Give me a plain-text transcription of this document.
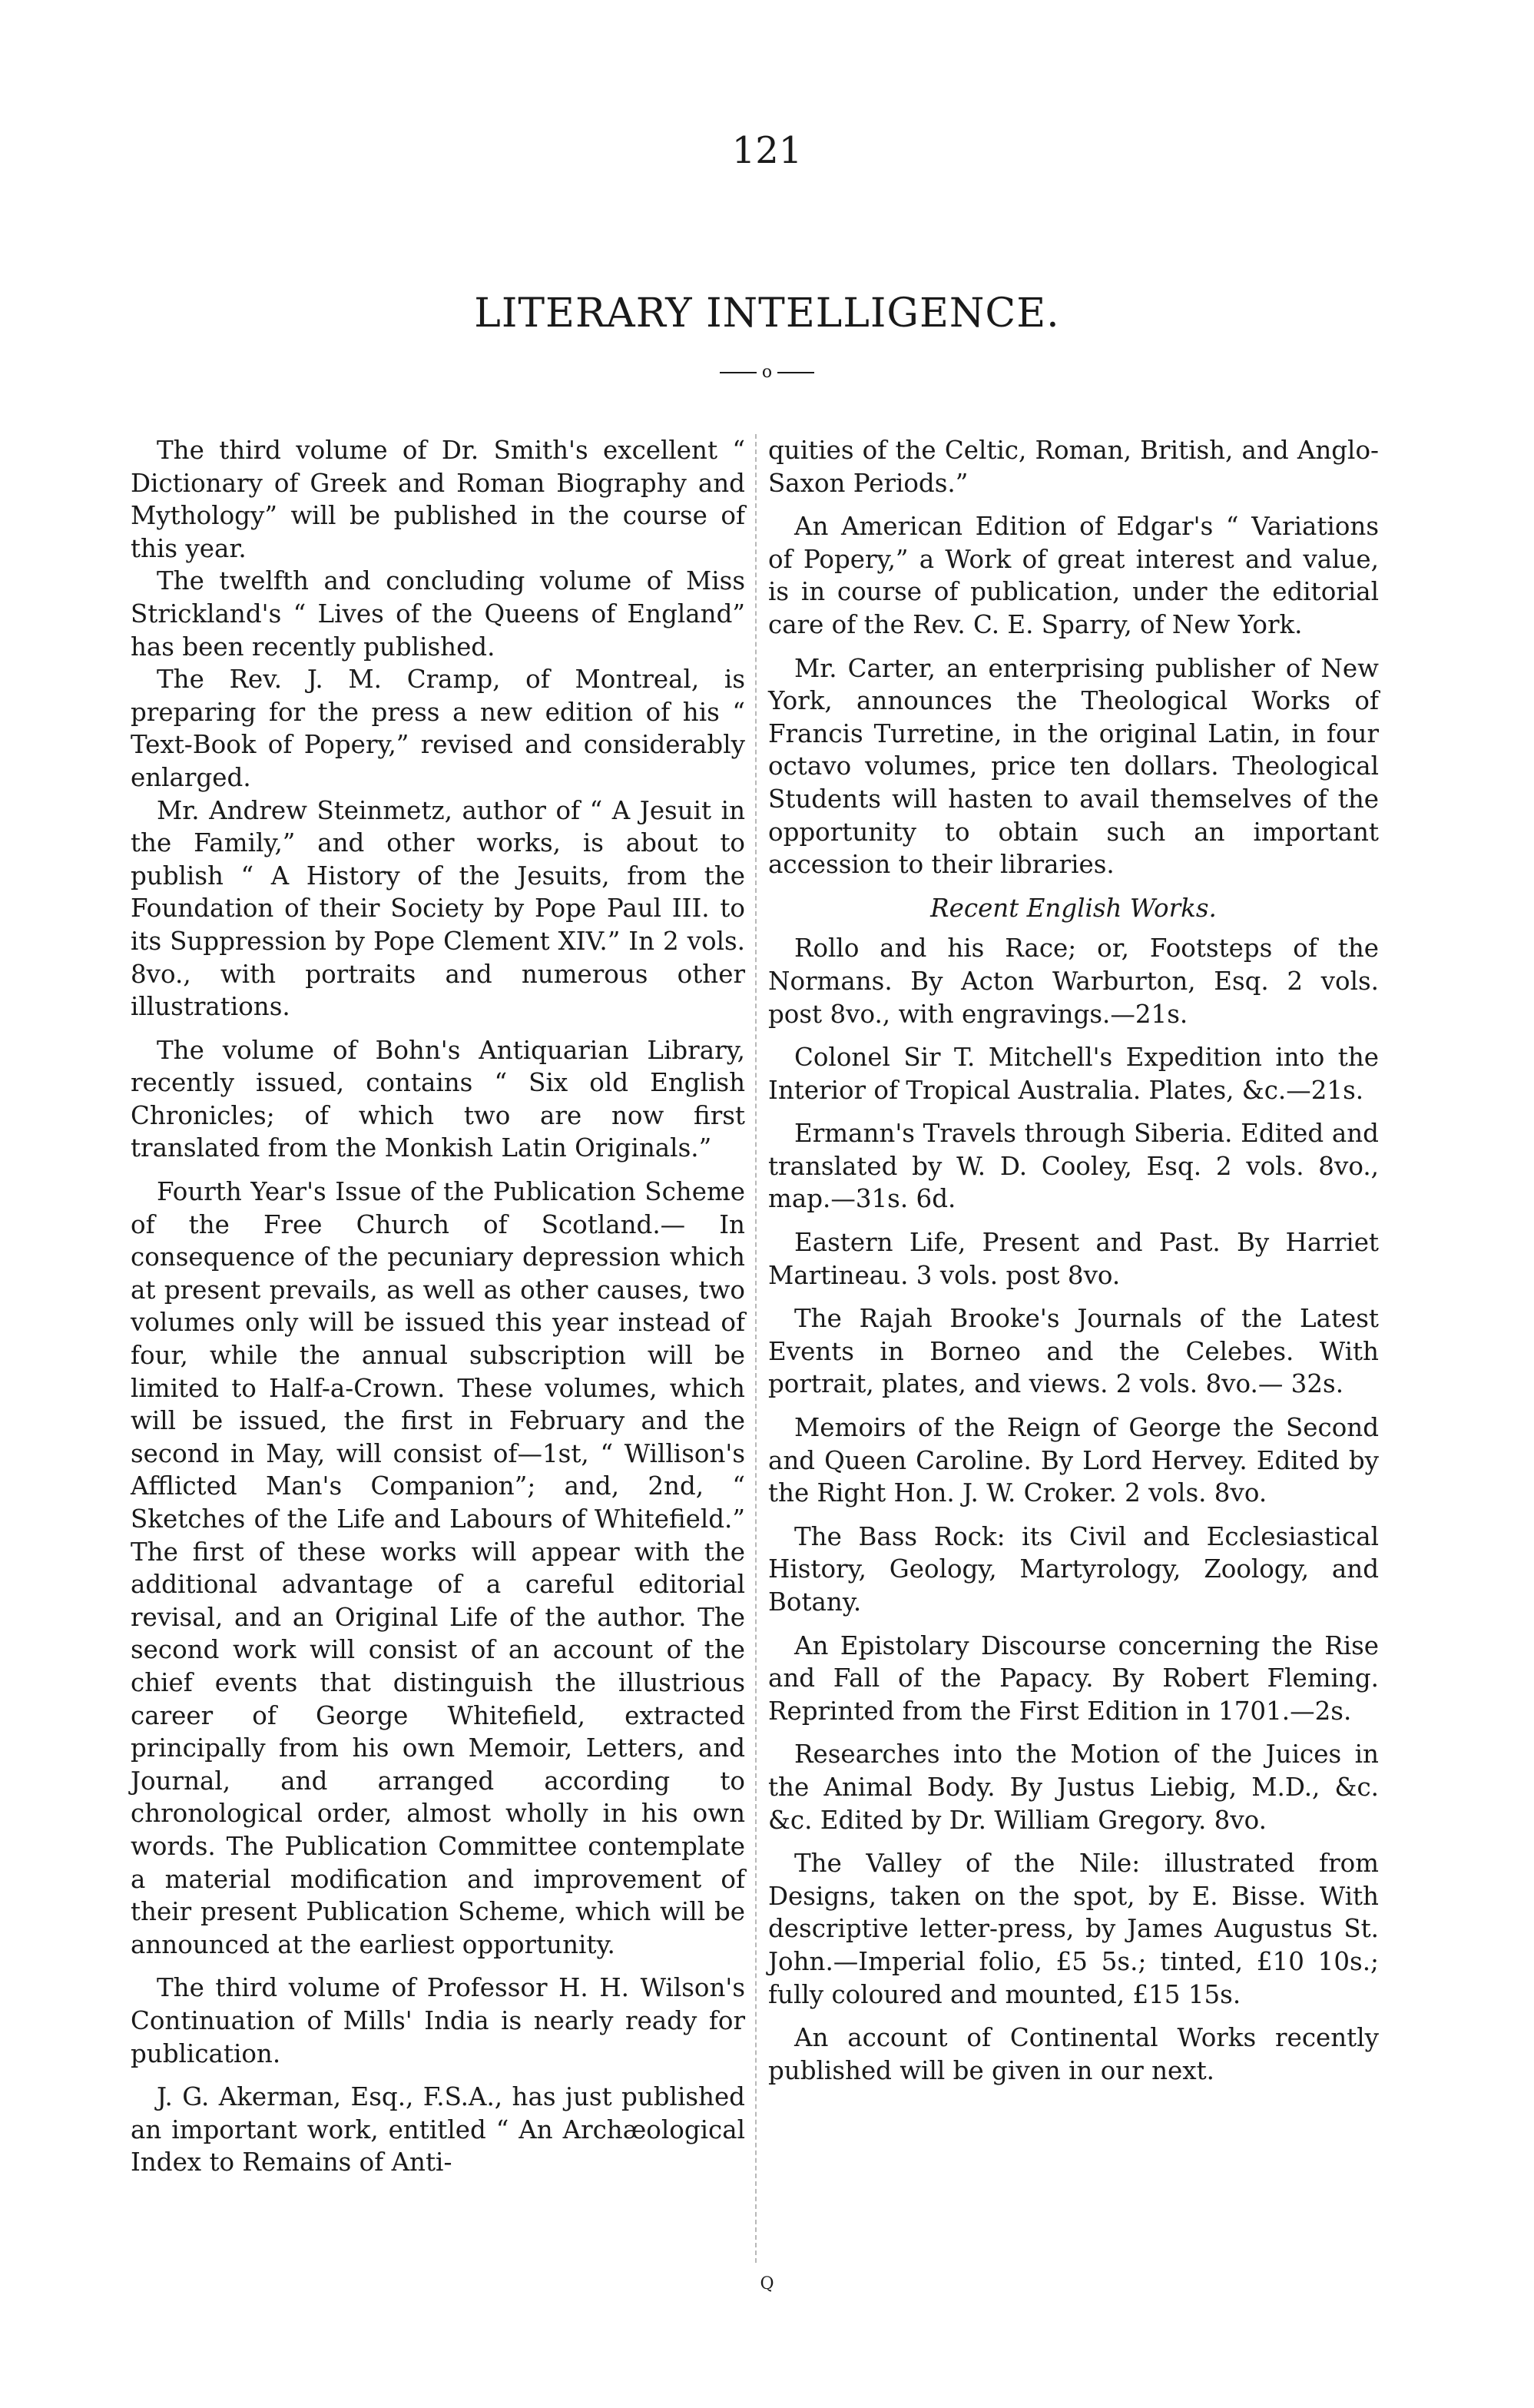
121
LITERARY INTELLIGENCE.
o

The third volume of Dr. Smith's excellent “ Dictionary of Greek and Roman Biography and Mythology” will be published in the course of this year.

The twelfth and concluding volume of Miss Strickland's “ Lives of the Queens of England” has been recently published.

The Rev. J. M. Cramp, of Montreal, is preparing for the press a new edition of his “ Text-Book of Popery,” revised and considerably enlarged.

Mr. Andrew Steinmetz, author of “ A Jesuit in the Family,” and other works, is about to publish “ A History of the Jesuits, from the Foundation of their Society by Pope Paul III. to its Suppression by Pope Clement XIV.” In 2 vols. 8vo., with portraits and numerous other illustrations.

The volume of Bohn's Antiquarian Library, recently issued, contains “ Six old English Chronicles; of which two are now first translated from the Monkish Latin Originals.”

Fourth Year's Issue of the Publication Scheme of the Free Church of Scotland.— In consequence of the pecuniary depression which at present prevails, as well as other causes, two volumes only will be issued this year instead of four, while the annual subscription will be limited to Half-a-Crown. These volumes, which will be issued, the first in February and the second in May, will consist of—1st, “ Willison's Afflicted Man's Companion”; and, 2nd, “ Sketches of the Life and Labours of Whitefield.” The first of these works will appear with the additional advantage of a careful editorial revisal, and an Original Life of the author. The second work will consist of an account of the chief events that distinguish the illustrious career of George Whitefield, extracted principally from his own Memoir, Letters, and Journal, and arranged according to chronological order, almost wholly in his own words. The Publication Committee contemplate a material modification and improvement of their present Publication Scheme, which will be announced at the earliest opportunity.

The third volume of Professor H. H. Wilson's Continuation of Mills' India is nearly ready for publication.

J. G. Akerman, Esq., F.S.A., has just published an important work, entitled “ An Archæological Index to Remains of Anti-

quities of the Celtic, Roman, British, and Anglo-Saxon Periods.”

An American Edition of Edgar's “ Variations of Popery,” a Work of great interest and value, is in course of publication, under the editorial care of the Rev. C. E. Sparry, of New York.

Mr. Carter, an enterprising publisher of New York, announces the Theological Works of Francis Turretine, in the original Latin, in four octavo volumes, price ten dollars. Theological Students will hasten to avail themselves of the opportunity to obtain such an important accession to their libraries.

Recent English Works.

Rollo and his Race; or, Footsteps of the Normans. By Acton Warburton, Esq. 2 vols. post 8vo., with engravings.—21s.

Colonel Sir T. Mitchell's Expedition into the Interior of Tropical Australia. Plates, &c.—21s.

Ermann's Travels through Siberia. Edited and translated by W. D. Cooley, Esq. 2 vols. 8vo., map.—31s. 6d.

Eastern Life, Present and Past. By Harriet Martineau. 3 vols. post 8vo.

The Rajah Brooke's Journals of the Latest Events in Borneo and the Celebes. With portrait, plates, and views. 2 vols. 8vo.— 32s.

Memoirs of the Reign of George the Second and Queen Caroline. By Lord Hervey. Edited by the Right Hon. J. W. Croker. 2 vols. 8vo.

The Bass Rock: its Civil and Ecclesiastical History, Geology, Martyrology, Zoology, and Botany.

An Epistolary Discourse concerning the Rise and Fall of the Papacy. By Robert Fleming. Reprinted from the First Edition in 1701.—2s.

Researches into the Motion of the Juices in the Animal Body. By Justus Liebig, M.D., &c. &c. Edited by Dr. William Gregory. 8vo.

The Valley of the Nile: illustrated from Designs, taken on the spot, by E. Bisse. With descriptive letter-press, by James Augustus St. John.—Imperial folio, £5 5s.; tinted, £10 10s.; fully coloured and mounted, £15 15s.

An account of Continental Works recently published will be given in our next.

Q
